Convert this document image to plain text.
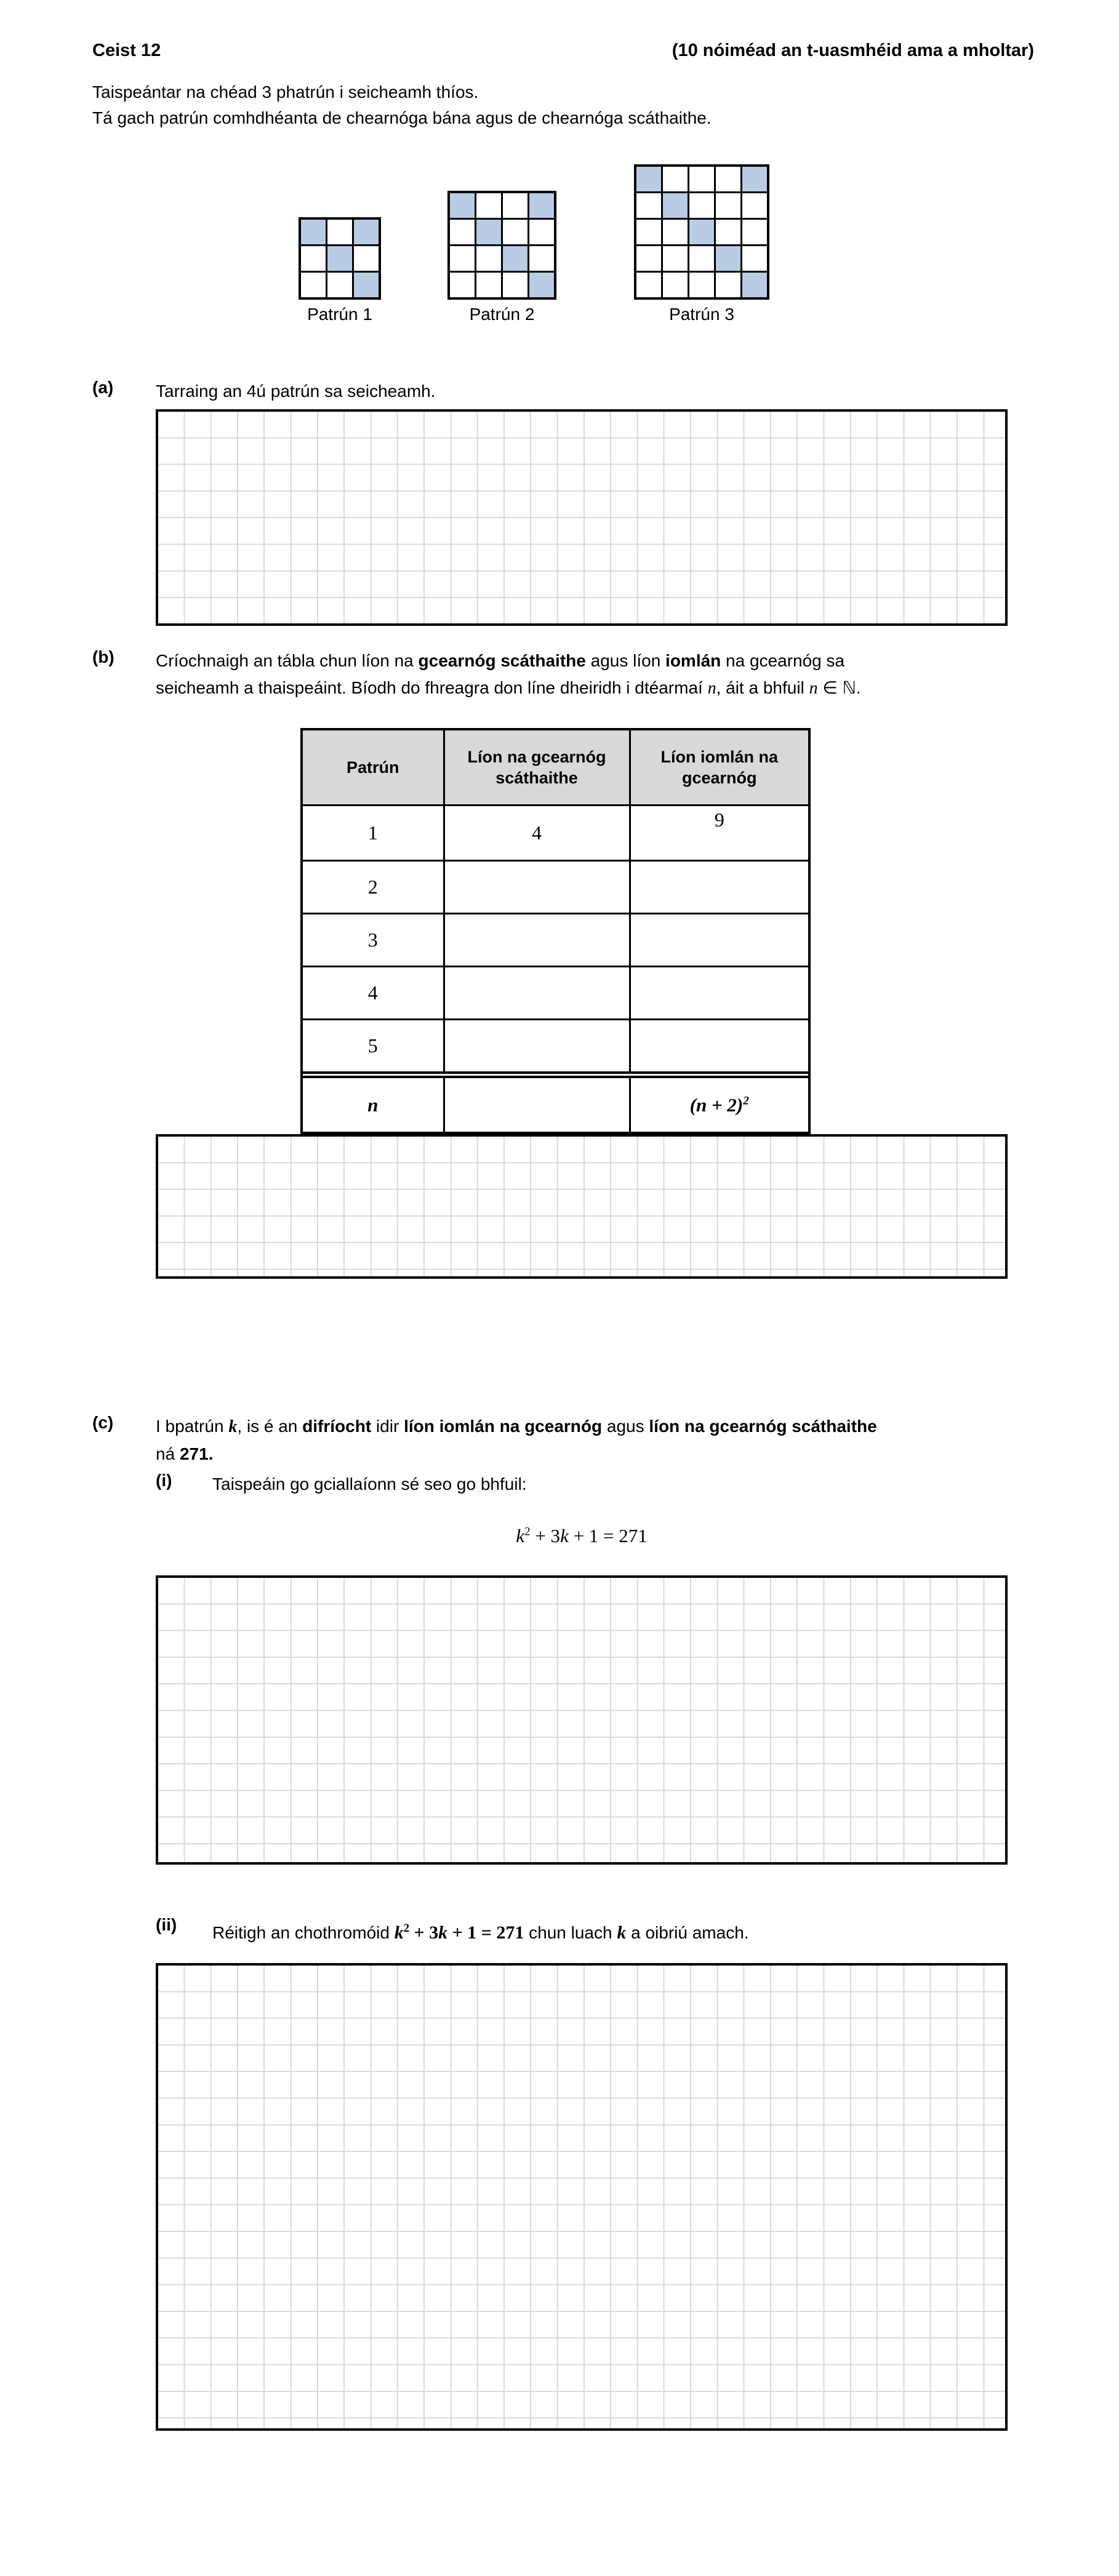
Ceist 12	(10 nóiméad an t-uasmhéid ama a mholtar)
Taispeántar na chéad 3 phatrún i seicheamh thíos.
Tá gach patrún comhdhéanta de chearnóga bána agus de chearnóga scáthaithe.
Patrún 1	Patrún 2	Patrún 3
(a) Tarraing an 4ú patrún sa seicheamh.
(b) Críochnaigh an tábla chun líon na gcearnóg scáthaithe agus líon iomlán na gcearnóg sa
seicheamh a thaispeáint. Bíodh do fhreagra don líne dheiridh i dtéarmaí n, áit a bhfuil n ∈ ℕ.
Patrún	Líon na gcearnóg scáthaithe	Líon iomlán na gcearnóg
1	4	9
2		
3		
4		
5		

n		$(n + 2)^2$
(c) I bpatrún k, is é an difríocht idir líon iomlán na gcearnóg agus líon na gcearnóg scáthaithe
ná 271.
(i) Taispeáin go gciallaíonn sé seo go bhfuil:
$k^2 + 3k + 1 = 271$
(ii) Réitigh an chothromóid $k^2 + 3k + 1 = 271$ chun luach k a oibriú amach.
